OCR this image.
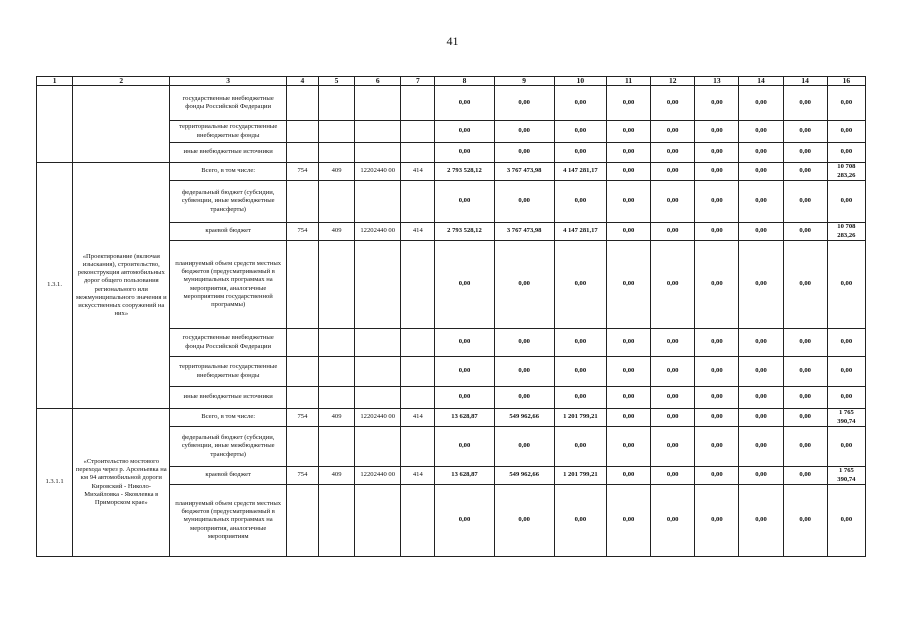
41
1	2	3	4	5	6	7	8	9	10	11	12	13	14	14	16
		государственные внебюджетные фонды Российской Федерации					0,00	0,00	0,00	0,00	0,00	0,00	0,00	0,00	0,00
		территориальные государственные внебюджетные фонды					0,00	0,00	0,00	0,00	0,00	0,00	0,00	0,00	0,00
		иные внебюджетные источники					0,00	0,00	0,00	0,00	0,00	0,00	0,00	0,00	0,00
1.3.1.	«Проектирование (включая изыскания), строительство, реконструкция автомобильных дорог общего пользования регионального или межмуниципального значения и искусственных сооружений на них»	Всего, в том числе:	754	409	12202440 00	414	2 793 528,12	3 767 473,98	4 147 281,17	0,00	0,00	0,00	0,00	0,00	10 708 283,26
		федеральный бюджет (субсидии, субвенции, иные межбюджетные трансферты)					0,00	0,00	0,00	0,00	0,00	0,00	0,00	0,00	0,00
		краевой бюджет	754	409	12202440 00	414	2 793 528,12	3 767 473,98	4 147 281,17	0,00	0,00	0,00	0,00	0,00	10 708 283,26
		планируемый объем средств местных бюджетов (предусматриваемый в муниципальных программах на мероприятия, аналогичные мероприятиям государственной программы)					0,00	0,00	0,00	0,00	0,00	0,00	0,00	0,00	0,00
		государственные внебюджетные фонды Российской Федерации					0,00	0,00	0,00	0,00	0,00	0,00	0,00	0,00	0,00
		территориальные государственные внебюджетные фонды					0,00	0,00	0,00	0,00	0,00	0,00	0,00	0,00	0,00
		иные внебюджетные источники					0,00	0,00	0,00	0,00	0,00	0,00	0,00	0,00	0,00
1.3.1.1	«Строительство мостового перехода через р. Арсеньевка на км 94 автомобильной дороги Кировский - Николо-Михайловка - Яковлевка в Приморском крае»	Всего, в том числе:	754	409	12202440 00	414	13 628,87	549 962,66	1 201 799,21	0,00	0,00	0,00	0,00	0,00	1 765 390,74
		федеральный бюджет (субсидии, субвенции, иные межбюджетные трансферты)					0,00	0,00	0,00	0,00	0,00	0,00	0,00	0,00	0,00
		краевой бюджет	754	409	12202440 00	414	13 628,87	549 962,66	1 201 799,21	0,00	0,00	0,00	0,00	0,00	1 765 390,74
		планируемый объем средств местных бюджетов (предусматриваемый в муниципальных программах на мероприятия, аналогичные мероприятиям					0,00	0,00	0,00	0,00	0,00	0,00	0,00	0,00	0,00
